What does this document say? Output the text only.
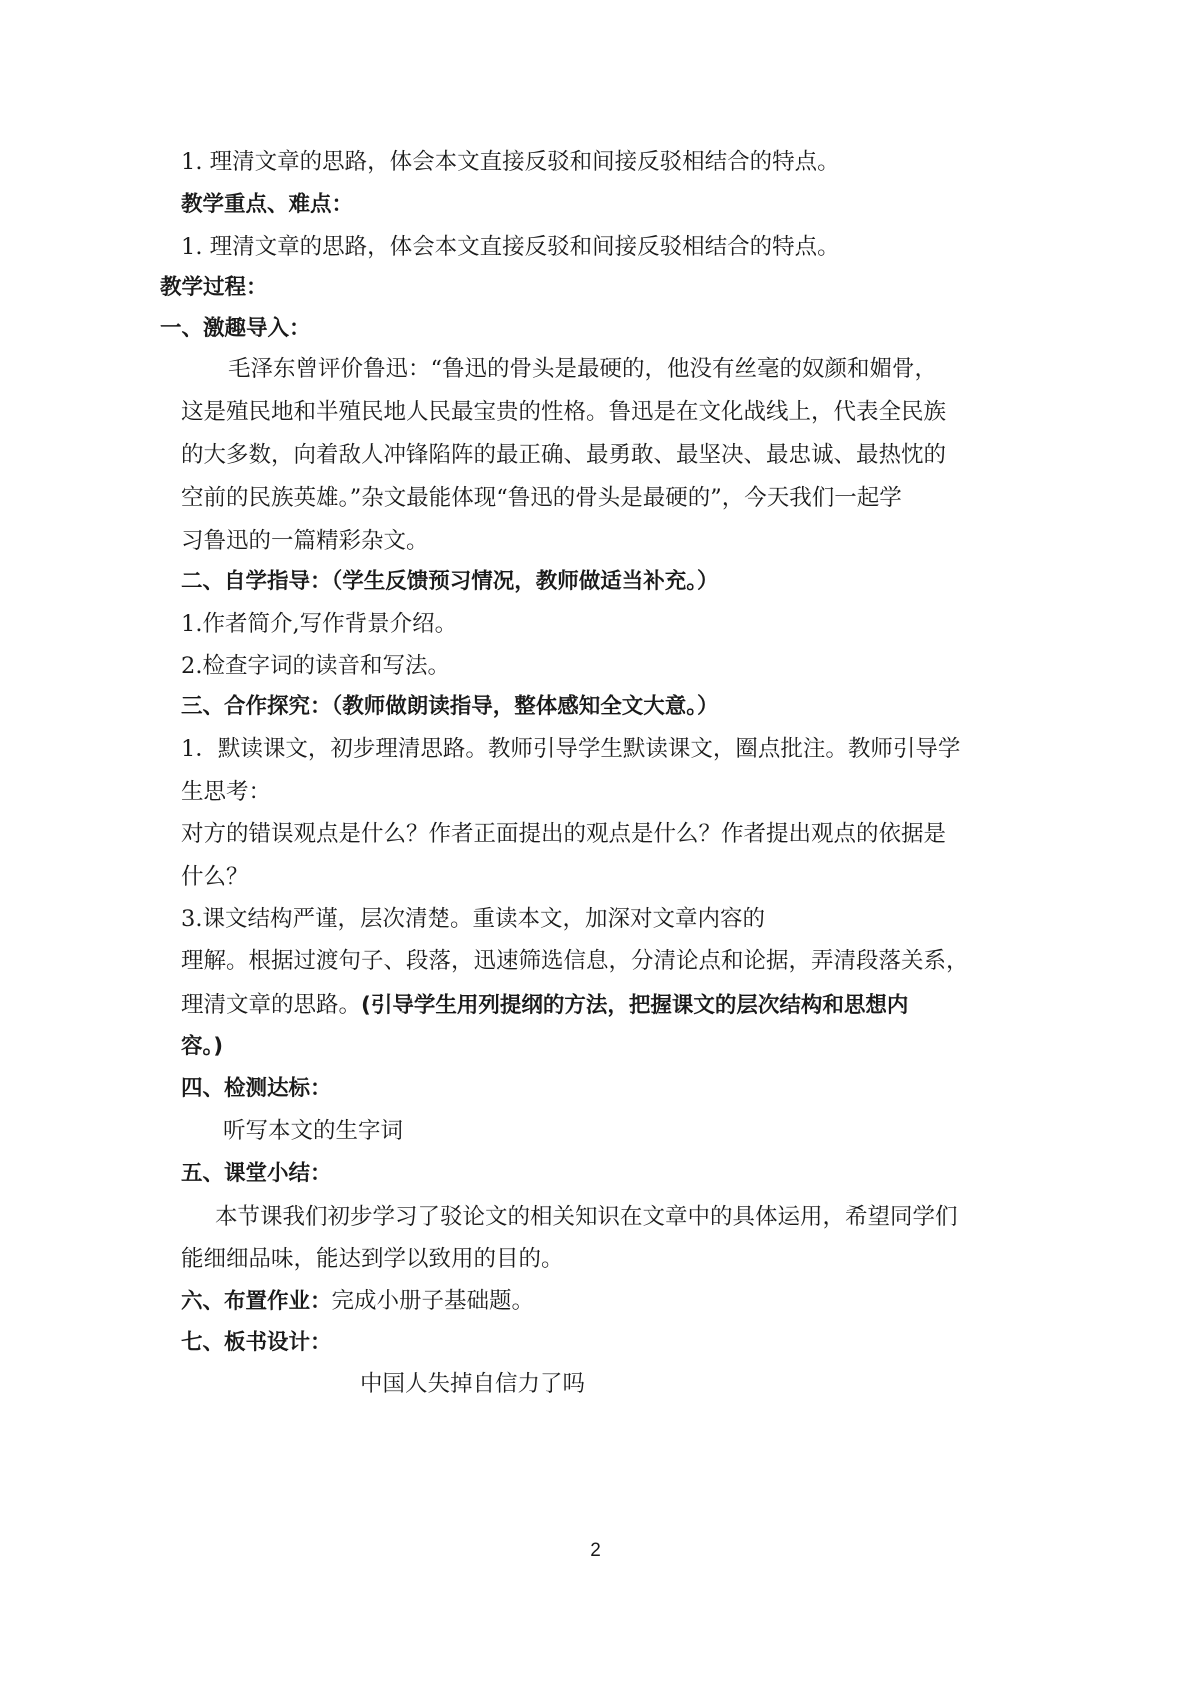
1. 理清文章的思路，体会本文直接反驳和间接反驳相结合的特点。

教学重点、难点：

1. 理清文章的思路，体会本文直接反驳和间接反驳相结合的特点。

教学过程：

一、激趣导入：

毛泽东曾评价鲁迅：“鲁迅的骨头是最硬的，他没有丝毫的奴颜和媚骨，

这是殖民地和半殖民地人民最宝贵的性格。鲁迅是在文化战线上，代表全民族

的大多数，向着敌人冲锋陷阵的最正确、最勇敢、最坚决、最忠诚、最热忱的

空前的民族英雄。”杂文最能体现“鲁迅的骨头是最硬的”，今天我们一起学

习鲁迅的一篇精彩杂文。

二、自学指导：（学生反馈预习情况，教师做适当补充。）

1.作者简介,写作背景介绍。

2.检查字词的读音和写法。

三、合作探究：（教师做朗读指导，整体感知全文大意。）

1．默读课文，初步理清思路。教师引导学生默读课文，圈点批注。教师引导学

生思考：

对方的错误观点是什么？作者正面提出的观点是什么？作者提出观点的依据是

什么？

3.课文结构严谨，层次清楚。重读本文，加深对文章内容的

理解。根据过渡句子、段落，迅速筛选信息，分清论点和论据，弄清段落关系，

理清文章的思路。(引导学生用列提纲的方法，把握课文的层次结构和思想内

容。)

四、检测达标：

听写本文的生字词

五、课堂小结：

本节课我们初步学习了驳论文的相关知识在文章中的具体运用，希望同学们

能细细品味，能达到学以致用的目的。

六、布置作业：完成小册子基础题。

七、板书设计：

中国人失掉自信力了吗

2
